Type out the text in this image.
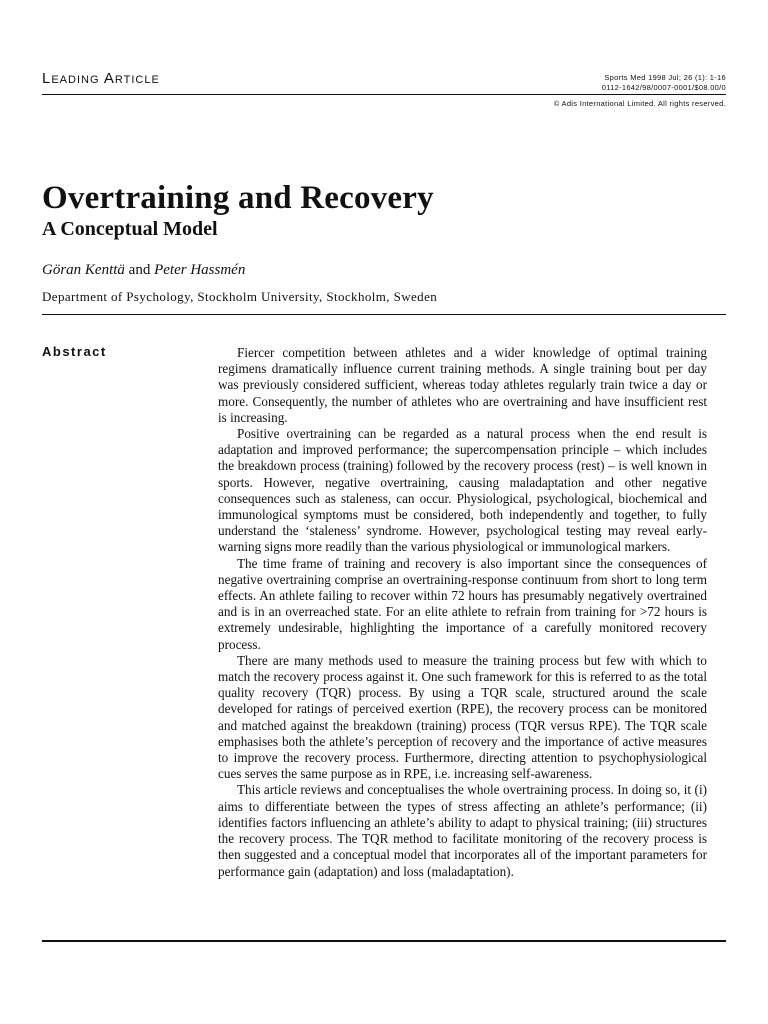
Leading Article	Sports Med 1998 Jul; 26 (1): 1-16
0112-1642/98/0007-0001/$08.00/0
© Adis International Limited. All rights reserved.
Overtraining and Recovery
A Conceptual Model
Göran Kenttä and Peter Hassmén
Department of Psychology, Stockholm University, Stockholm, Sweden
Abstract	Fiercer competition between athletes and a wider knowledge of optimal training regimens dramatically influence current training methods. A single training bout per day was previously considered sufficient, whereas today athletes regularly train twice a day or more. Consequently, the number of athletes who are overtraining and have insufficient rest is increasing.

Positive overtraining can be regarded as a natural process when the end result is adaptation and improved performance; the supercompensation principle – which includes the breakdown process (training) followed by the recovery process (rest) – is well known in sports. However, negative overtraining, causing maladaptation and other negative consequences such as staleness, can occur. Physiological, psychological, biochemical and immunological symptoms must be considered, both independently and together, to fully understand the ‘staleness’ syndrome. However, psychological testing may reveal early-warning signs more readily than the various physiological or immunological markers.

The time frame of training and recovery is also important since the consequences of negative overtraining comprise an overtraining-response continuum from short to long term effects. An athlete failing to recover within 72 hours has presumably negatively overtrained and is in an overreached state. For an elite athlete to refrain from training for >72 hours is extremely undesirable, highlighting the importance of a carefully monitored recovery process.

There are many methods used to measure the training process but few with which to match the recovery process against it. One such framework for this is referred to as the total quality recovery (TQR) process. By using a TQR scale, structured around the scale developed for ratings of perceived exertion (RPE), the recovery process can be monitored and matched against the breakdown (training) process (TQR versus RPE). The TQR scale emphasises both the athlete’s perception of recovery and the importance of active measures to improve the recovery process. Furthermore, directing attention to psychophysiological cues serves the same purpose as in RPE, i.e. increasing self-awareness.

This article reviews and conceptualises the whole overtraining process. In doing so, it (i) aims to differentiate between the types of stress affecting an athlete’s performance; (ii) identifies factors influencing an athlete’s ability to adapt to physical training; (iii) structures the recovery process. The TQR method to facilitate monitoring of the recovery process is then suggested and a conceptual model that incorporates all of the important parameters for performance gain (adaptation) and loss (maladaptation).
